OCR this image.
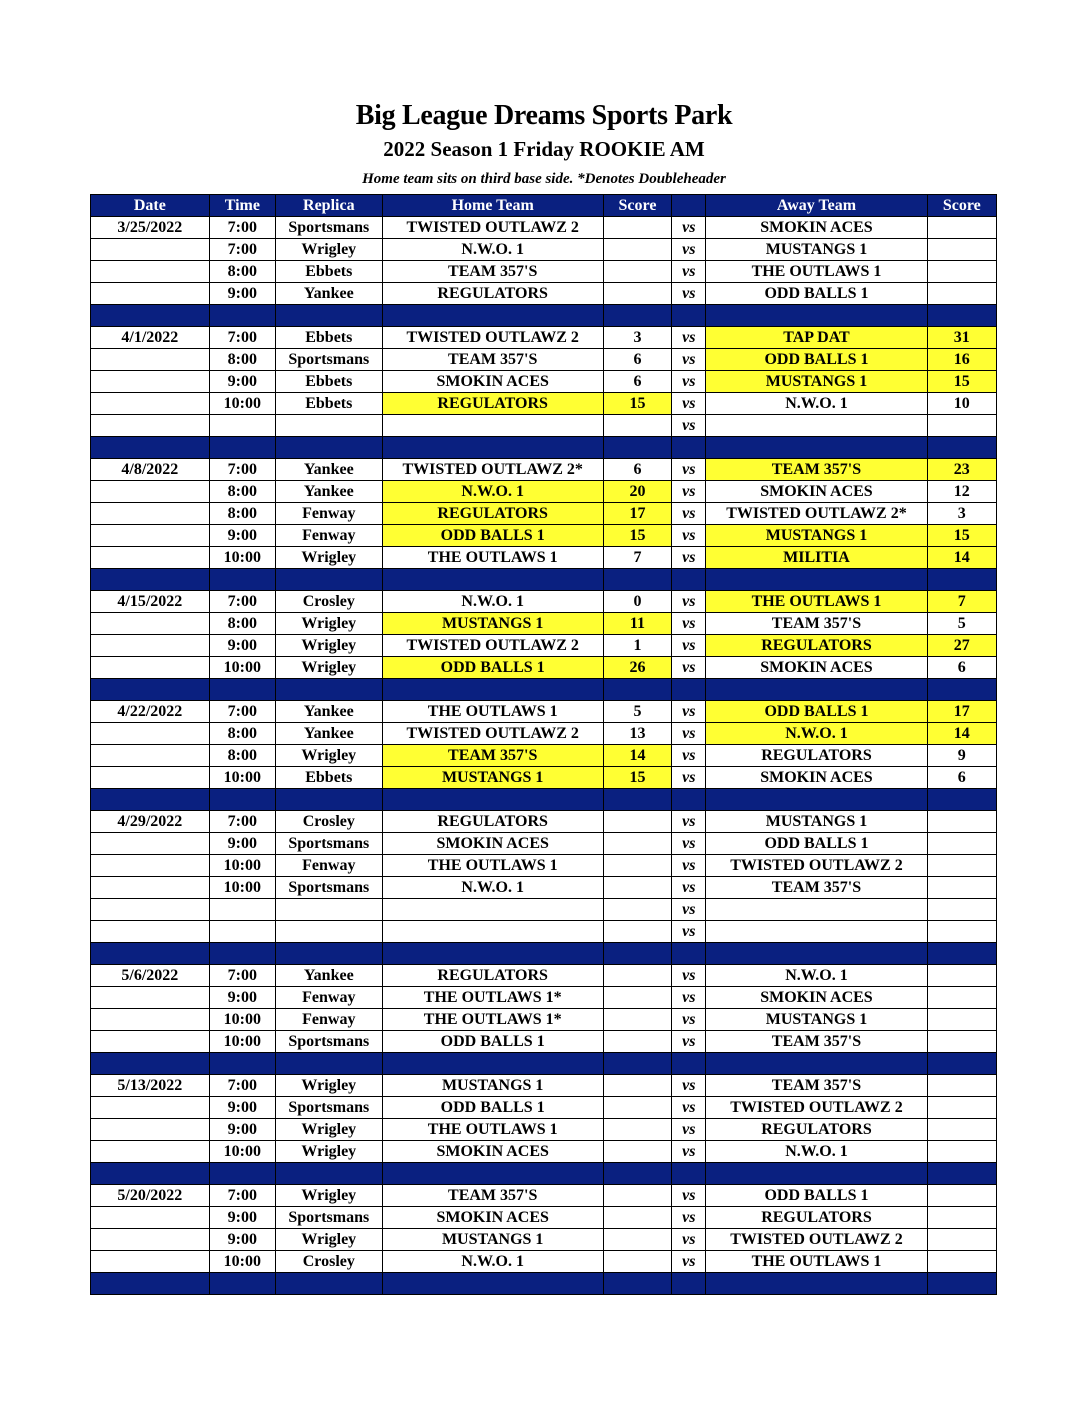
Big League Dreams Sports Park
2022 Season 1 Friday ROOKIE AM
Home team sits on third base side. *Denotes Doubleheader
Date	Time	Replica	Home Team	Score		Away Team	Score
3/25/2022	7:00	Sportsmans	TWISTED OUTLAWZ 2		vs	SMOKIN ACES	
	7:00	Wrigley	N.W.O. 1		vs	MUSTANGS 1	
	8:00	Ebbets	TEAM 357'S		vs	THE OUTLAWS 1	
	9:00	Yankee	REGULATORS		vs	ODD BALLS 1	

4/1/2022	7:00	Ebbets	TWISTED OUTLAWZ 2	3	vs	TAP DAT	31
	8:00	Sportsmans	TEAM 357'S	6	vs	ODD BALLS 1	16
	9:00	Ebbets	SMOKIN ACES	6	vs	MUSTANGS 1	15
	10:00	Ebbets	REGULATORS	15	vs	N.W.O. 1	10
					vs		

4/8/2022	7:00	Yankee	TWISTED OUTLAWZ 2*	6	vs	TEAM 357'S	23
	8:00	Yankee	N.W.O. 1	20	vs	SMOKIN ACES	12
	8:00	Fenway	REGULATORS	17	vs	TWISTED OUTLAWZ 2*	3
	9:00	Fenway	ODD BALLS 1	15	vs	MUSTANGS 1	15
	10:00	Wrigley	THE OUTLAWS 1	7	vs	MILITIA	14

4/15/2022	7:00	Crosley	N.W.O. 1	0	vs	THE OUTLAWS 1	7
	8:00	Wrigley	MUSTANGS 1	11	vs	TEAM 357'S	5
	9:00	Wrigley	TWISTED OUTLAWZ 2	1	vs	REGULATORS	27
	10:00	Wrigley	ODD BALLS 1	26	vs	SMOKIN ACES	6

4/22/2022	7:00	Yankee	THE OUTLAWS 1	5	vs	ODD BALLS 1	17
	8:00	Yankee	TWISTED OUTLAWZ 2	13	vs	N.W.O. 1	14
	8:00	Wrigley	TEAM 357'S	14	vs	REGULATORS	9
	10:00	Ebbets	MUSTANGS 1	15	vs	SMOKIN ACES	6

4/29/2022	7:00	Crosley	REGULATORS		vs	MUSTANGS 1	
	9:00	Sportsmans	SMOKIN ACES		vs	ODD BALLS 1	
	10:00	Fenway	THE OUTLAWS 1		vs	TWISTED OUTLAWZ 2	
	10:00	Sportsmans	N.W.O. 1		vs	TEAM 357'S	
					vs		
					vs		

5/6/2022	7:00	Yankee	REGULATORS		vs	N.W.O. 1	
	9:00	Fenway	THE OUTLAWS 1*		vs	SMOKIN ACES	
	10:00	Fenway	THE OUTLAWS 1*		vs	MUSTANGS 1	
	10:00	Sportsmans	ODD BALLS 1		vs	TEAM 357'S	

5/13/2022	7:00	Wrigley	MUSTANGS 1		vs	TEAM 357'S	
	9:00	Sportsmans	ODD BALLS 1		vs	TWISTED OUTLAWZ 2	
	9:00	Wrigley	THE OUTLAWS 1		vs	REGULATORS	
	10:00	Wrigley	SMOKIN ACES		vs	N.W.O. 1	

5/20/2022	7:00	Wrigley	TEAM 357'S		vs	ODD BALLS 1	
	9:00	Sportsmans	SMOKIN ACES		vs	REGULATORS	
	9:00	Wrigley	MUSTANGS 1		vs	TWISTED OUTLAWZ 2	
	10:00	Crosley	N.W.O. 1		vs	THE OUTLAWS 1	
